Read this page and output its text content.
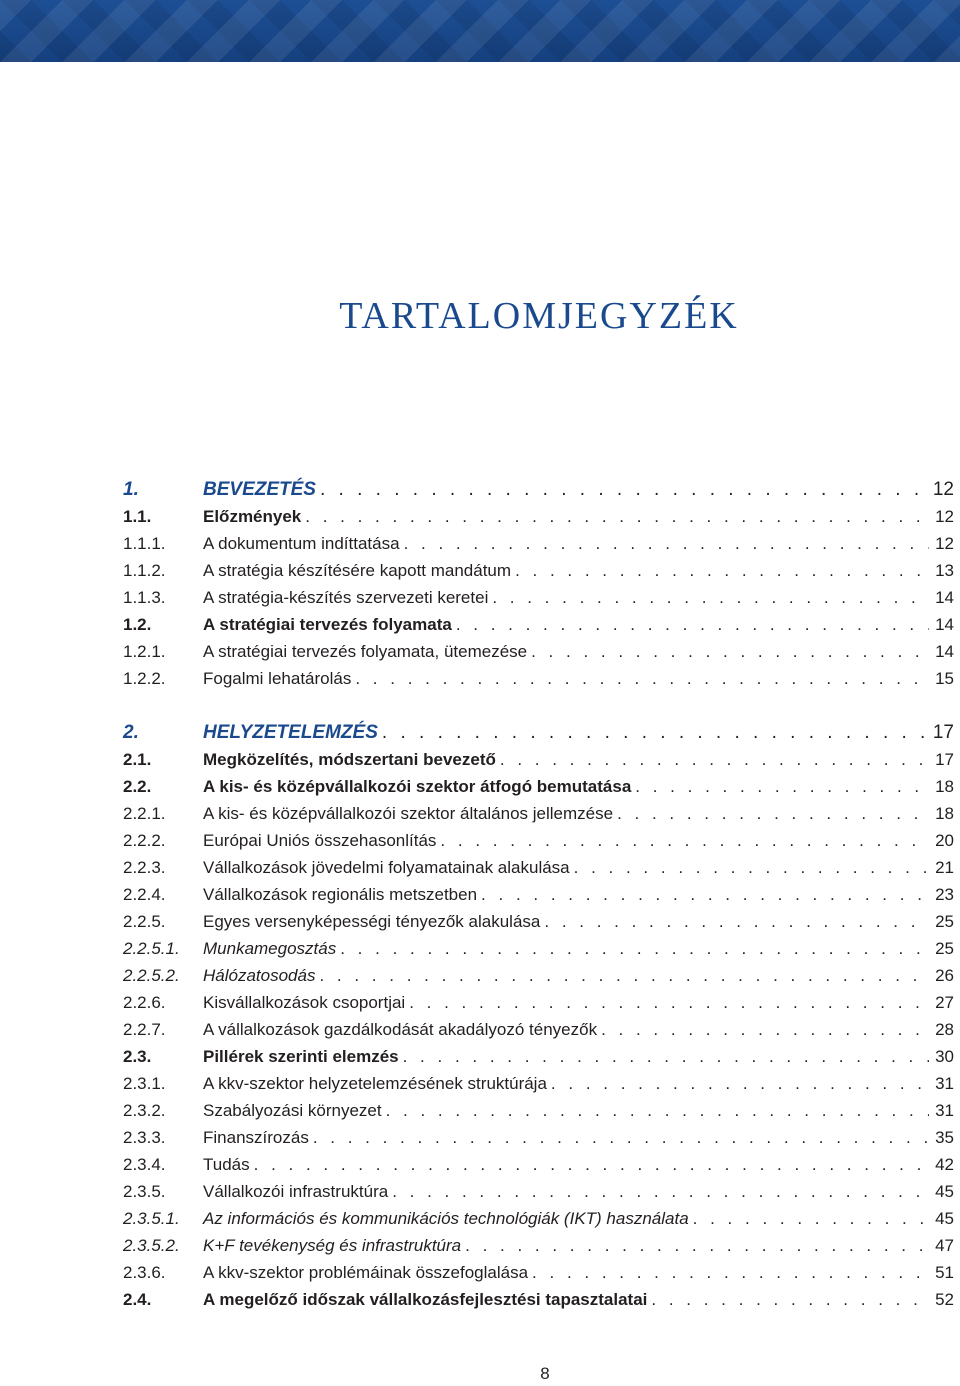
TARTALOMJEGYZÉK
1.	BEVEZETÉS . . .	12
1.1.	Előzmények . . .	12
1.1.1.	A dokumentum indíttatása . . .	12
1.1.2.	A stratégia készítésére kapott mandátum . . .	13
1.1.3.	A stratégia-készítés szervezeti keretei . . .	14
1.2.	A stratégiai tervezés folyamata . . .	14
1.2.1.	A stratégiai tervezés folyamata, ütemezése . . .	14
1.2.2.	Fogalmi lehatárolás . . .	15
2.	HELYZETELEMZÉS . . .	17
2.1.	Megközelítés, módszertani bevezető . . .	17
2.2.	A kis- és középvállalkozói szektor átfogó bemutatása . . .	18
2.2.1.	A kis- és középvállalkozói szektor általános jellemzése . . .	18
2.2.2.	Európai Uniós összehasonlítás . . .	20
2.2.3.	Vállalkozások jövedelmi folyamatainak alakulása . . .	21
2.2.4.	Vállalkozások regionális metszetben . . .	23
2.2.5.	Egyes versenyképességi tényezők alakulása . . .	25
2.2.5.1.	Munkamegosztás . . .	25
2.2.5.2.	Hálózatosodás . . .	26
2.2.6.	Kisvállalkozások csoportjai . . .	27
2.2.7.	A vállalkozások gazdálkodását akadályozó tényezők . . .	28
2.3.	Pillérek szerinti elemzés . . .	30
2.3.1.	A kkv-szektor helyzetelemzésének struktúrája . . .	31
2.3.2.	Szabályozási környezet . . .	31
2.3.3.	Finanszírozás . . .	35
2.3.4.	Tudás . . .	42
2.3.5.	Vállalkozói infrastruktúra . . .	45
2.3.5.1.	Az információs és kommunikációs technológiák (IKT) használata . . .	45
2.3.5.2.	K+F tevékenység és infrastruktúra . . .	47
2.3.6.	A kkv-szektor problémáinak összefoglalása . . .	51
2.4.	A megelőző időszak vállalkozásfejlesztési tapasztalatai . . .	52
8
